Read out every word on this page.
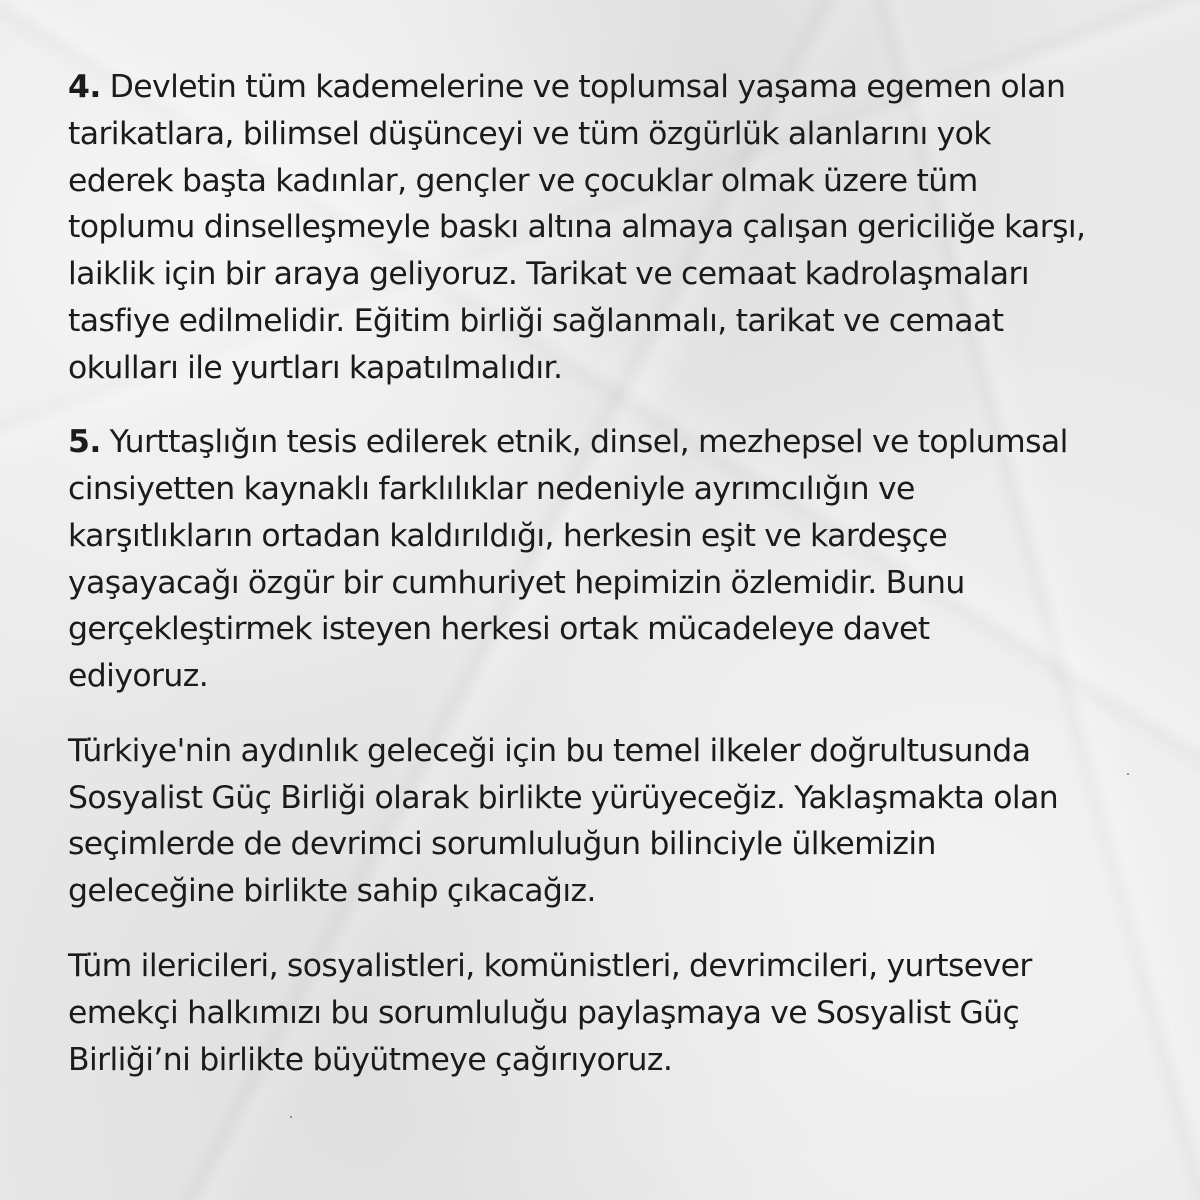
4. Devletin tüm kademelerine ve toplumsal yaşama egemen olan
tarikatlara, bilimsel düşünceyi ve tüm özgürlük alanlarını yok
ederek başta kadınlar, gençler ve çocuklar olmak üzere tüm
toplumu dinselleşmeyle baskı altına almaya çalışan gericiliğe karşı,
laiklik için bir araya geliyoruz. Tarikat ve cemaat kadrolaşmaları
tasfiye edilmelidir. Eğitim birliği sağlanmalı, tarikat ve cemaat
okulları ile yurtları kapatılmalıdır.

5. Yurttaşlığın tesis edilerek etnik, dinsel, mezhepsel ve toplumsal
cinsiyetten kaynaklı farklılıklar nedeniyle ayrımcılığın ve
karşıtlıkların ortadan kaldırıldığı, herkesin eşit ve kardeşçe
yaşayacağı özgür bir cumhuriyet hepimizin özlemidir. Bunu
gerçekleştirmek isteyen herkesi ortak mücadeleye davet
ediyoruz.

Türkiye'nin aydınlık geleceği için bu temel ilkeler doğrultusunda
Sosyalist Güç Birliği olarak birlikte yürüyeceğiz. Yaklaşmakta olan
seçimlerde de devrimci sorumluluğun bilinciyle ülkemizin
geleceğine birlikte sahip çıkacağız.

Tüm ilericileri, sosyalistleri, komünistleri, devrimcileri, yurtsever
emekçi halkımızı bu sorumluluğu paylaşmaya ve Sosyalist Güç
Birliği’ni birlikte büyütmeye çağırıyoruz.
